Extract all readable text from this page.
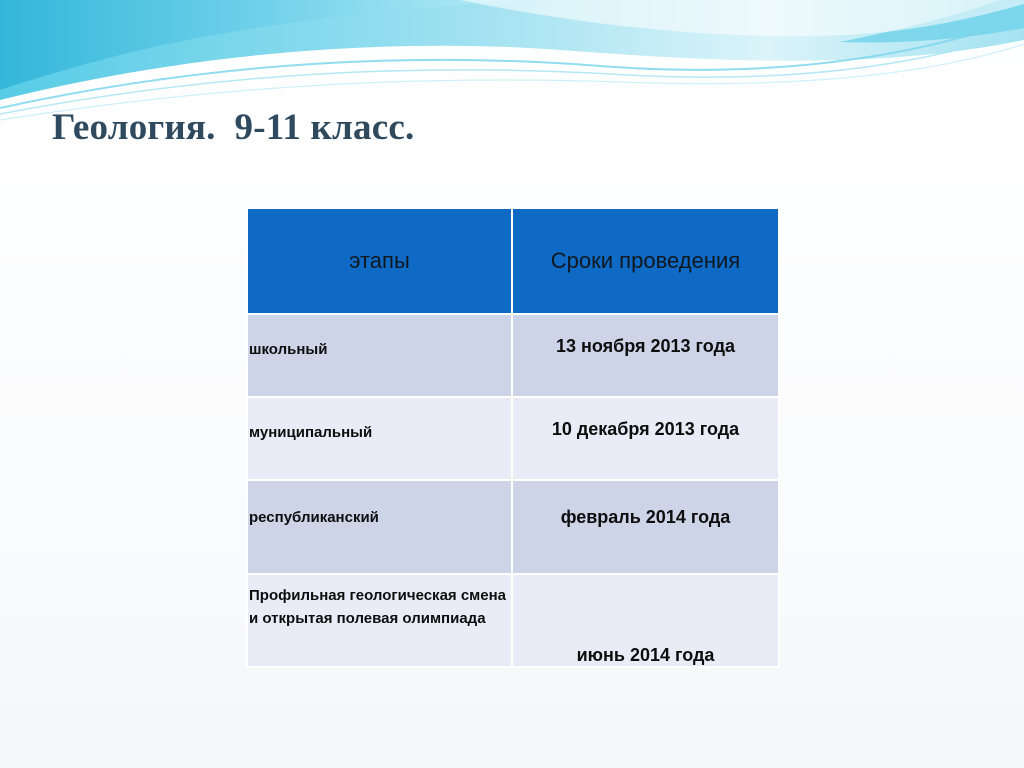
Геология.  9-11 класс.
этапы	Сроки проведения
школьный	13 ноября 2013 года
муниципальный	10 декабря 2013 года
республиканский	февраль 2014 года
Профильная геологическая смена и открытая полевая олимпиада	июнь 2014 года
